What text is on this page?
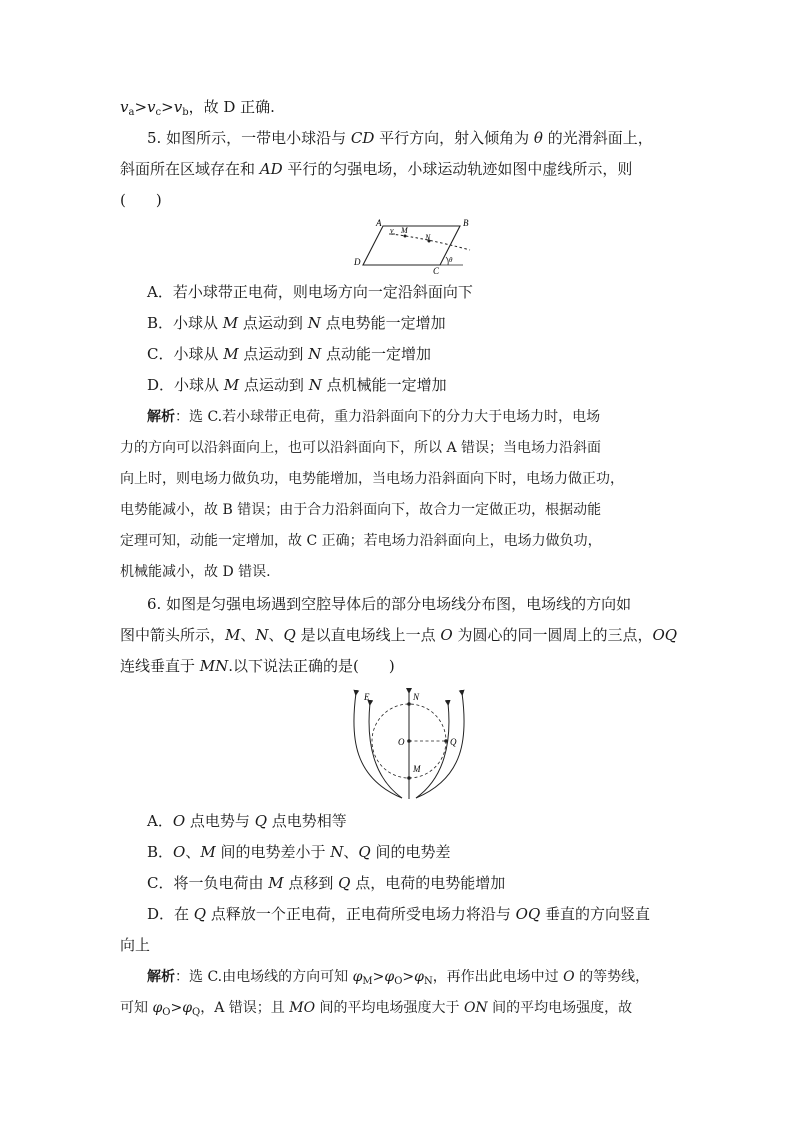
$v_a>v_c>v_b$，故 D 正确.
5. 如图所示，一带电小球沿与 CD 平行方向，射入倾角为 θ 的光滑斜面上，
斜面所在区域存在和 AD 平行的匀强电场，小球运动轨迹如图中虚线所示，则
(　　)
A	B
C
D
v M
N
θ
A．若小球带正电荷，则电场方向一定沿斜面向下
B．小球从 M 点运动到 N 点电势能一定增加
C．小球从 M 点运动到 N 点动能一定增加
D．小球从 M 点运动到 N 点机械能一定增加
解析：选 C.若小球带正电荷，重力沿斜面向下的分力大于电场力时，电场
力的方向可以沿斜面向上，也可以沿斜面向下，所以 A 错误；当电场力沿斜面
向上时，则电场力做负功，电势能增加，当电场力沿斜面向下时，电场力做正功，
电势能减小，故 B 错误；由于合力沿斜面向下，故合力一定做正功，根据动能
定理可知，动能一定增加，故 C 正确；若电场力沿斜面向上，电场力做负功，
机械能减小，故 D 错误.
6. 如图是匀强电场遇到空腔导体后的部分电场线分布图，电场线的方向如
图中箭头所示，M、N、Q 是以直电场线上一点 O 为圆心的同一圆周上的三点，OQ
连线垂直于 MN.以下说法正确的是(　　)
E	N
O	Q
M
A．O 点电势与 Q 点电势相等
B．O、M 间的电势差小于 N、Q 间的电势差
C．将一负电荷由 M 点移到 Q 点，电荷的电势能增加
D．在 Q 点释放一个正电荷，正电荷所受电场力将沿与 OQ 垂直的方向竖直
向上
解析：选 C.由电场线的方向可知 $\varphi_M>\varphi_O>\varphi_N$，再作出此电场中过 O 的等势线，
可知 $\varphi_O>\varphi_Q$，A 错误；且 MO 间的平均电场强度大于 ON 间的平均电场强度，故
